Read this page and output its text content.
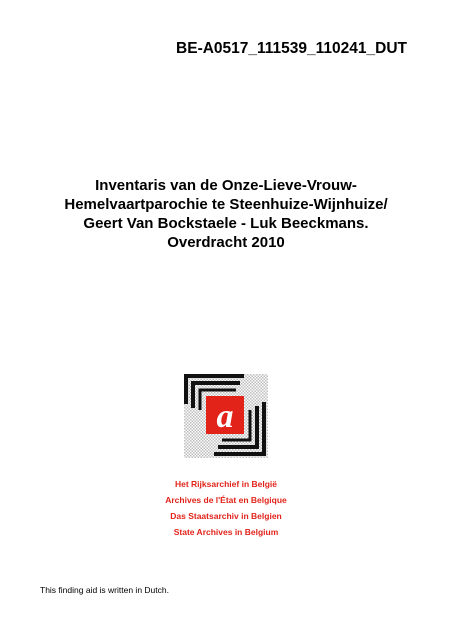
BE-A0517_111539_110241_DUT
Inventaris van de Onze-Lieve-Vrouw-
Hemelvaartparochie te Steenhuize-Wijnhuize/
Geert Van Bockstaele - Luk Beeckmans.
Overdracht 2010
a
Het Rijksarchief in België
Archives de l'État en Belgique
Das Staatsarchiv in Belgien
State Archives in Belgium
This finding aid is written in Dutch.
